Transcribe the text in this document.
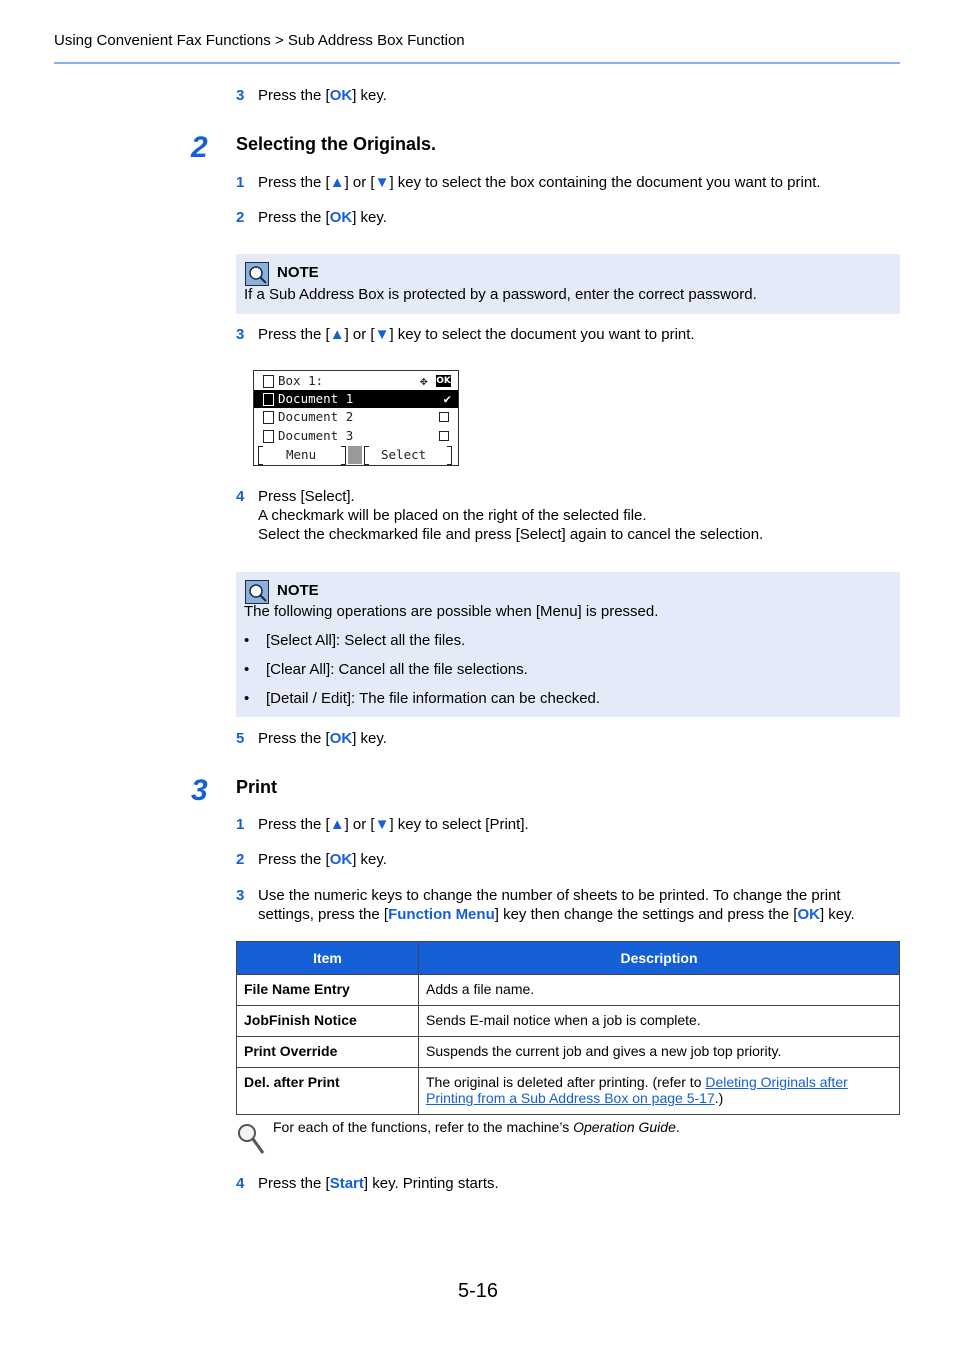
Using Convenient Fax Functions > Sub Address Box Function
3 Press the [OK] key.
2 Selecting the Originals.
1 Press the [▲] or [▼] key to select the box containing the document you want to print.
2 Press the [OK] key.
NOTE
If a Sub Address Box is protected by a password, enter the correct password.
3 Press the [▲] or [▼] key to select the document you want to print.
Box 1:	✥ OK
Document 1	✔
Document 2
Document 3
Menu	Select
4 Press [Select].
A checkmark will be placed on the right of the selected file.
Select the checkmarked file and press [Select] again to cancel the selection.
NOTE
The following operations are possible when [Menu] is pressed.
• [Select All]: Select all the files.
• [Clear All]: Cancel all the file selections.
• [Detail / Edit]: The file information can be checked.
5 Press the [OK] key.
3 Print
1 Press the [▲] or [▼] key to select [Print].
2 Press the [OK] key.
3 Use the numeric keys to change the number of sheets to be printed. To change the print
settings, press the [Function Menu] key then change the settings and press the [OK] key.
Item	Description
File Name Entry	Adds a file name.
JobFinish Notice	Sends E-mail notice when a job is complete.
Print Override	Suspends the current job and gives a new job top priority.
Del. after Print	The original is deleted after printing. (refer to Deleting Originals after
Printing from a Sub Address Box on page 5-17.)
For each of the functions, refer to the machine’s Operation Guide.
4 Press the [Start] key. Printing starts.
5-16
